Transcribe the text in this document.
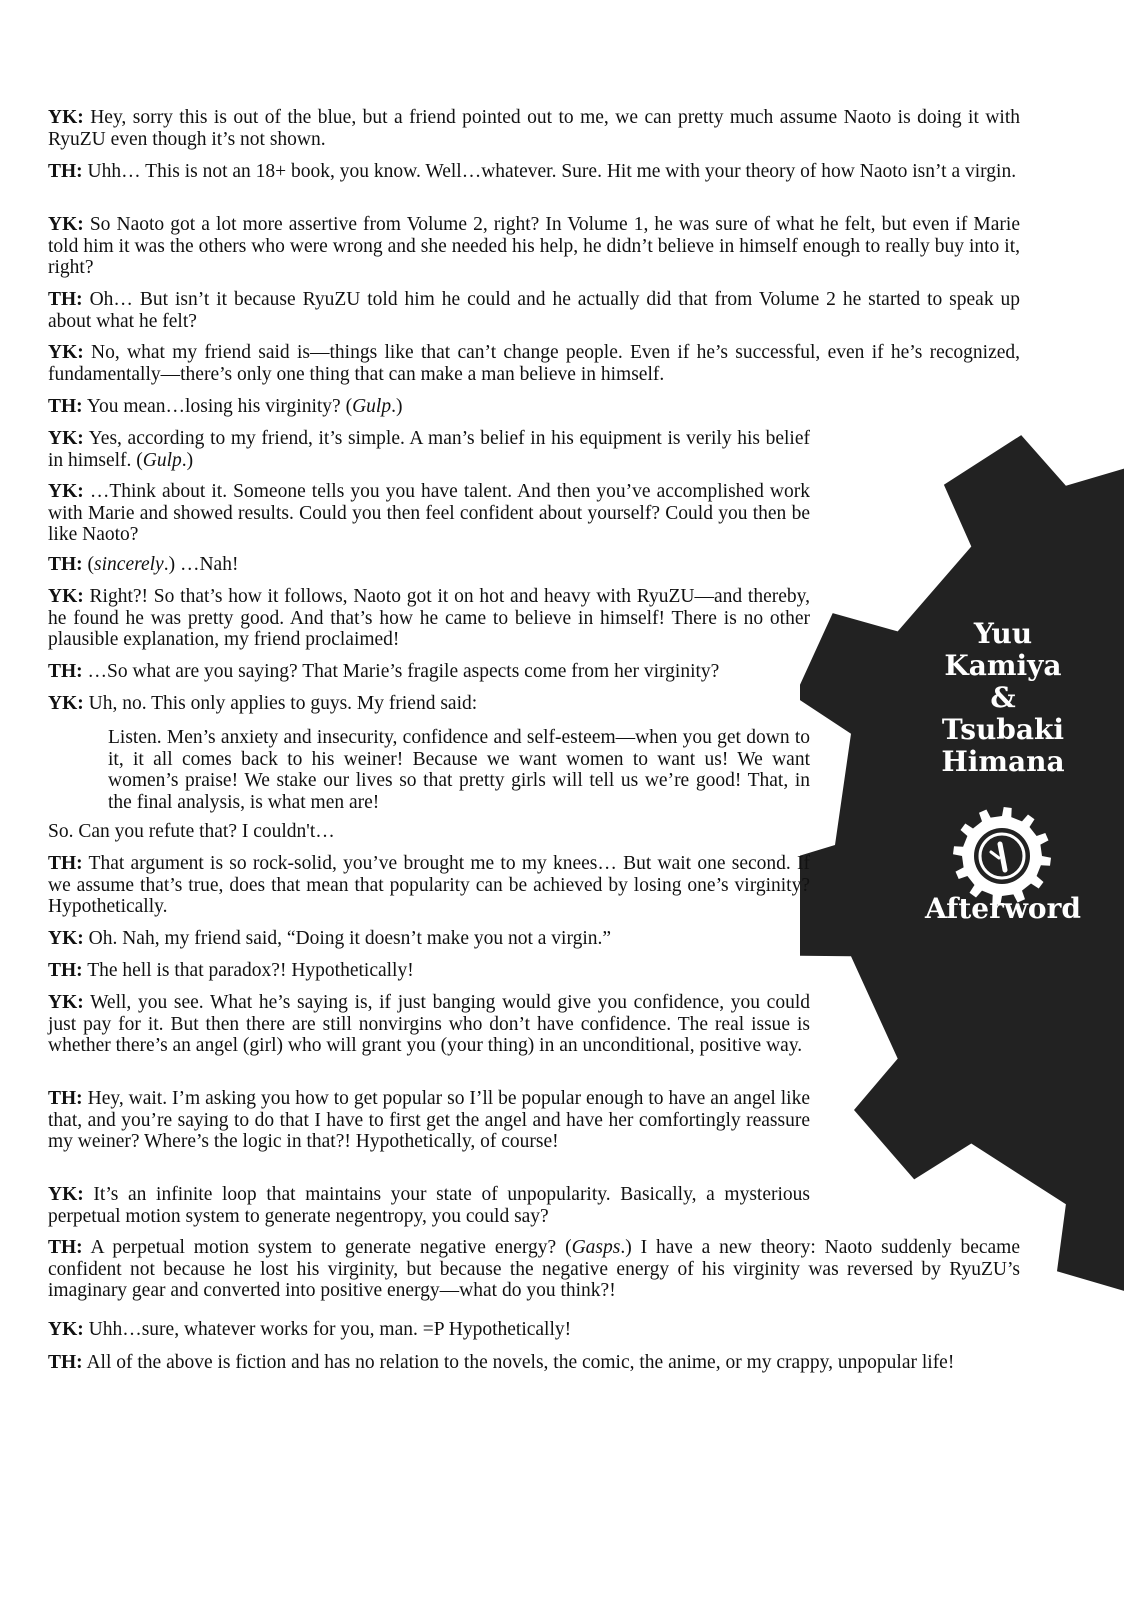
Yuu
Kamiya
&
Tsubaki
Himana
Afterword

YK: Hey, sorry this is out of the blue, but a friend pointed out to me, we can pretty much assume Naoto is doing it with RyuZU even though it’s not shown.

TH: Uhh… This is not an 18+ book, you know. Well…whatever. Sure. Hit me with your theory of how Naoto isn’t a virgin.

YK: So Naoto got a lot more assertive from Volume 2, right? In Volume 1, he was sure of what he felt, but even if Marie told him it was the others who were wrong and she needed his help, he didn’t believe in himself enough to really buy into it, right?

TH: Oh… But isn’t it because RyuZU told him he could and he actually did that from Volume 2 he started to speak up about what he felt?

YK: No, what my friend said is—things like that can’t change people. Even if he’s successful, even if he’s recognized, fundamentally—there’s only one thing that can make a man believe in himself.

TH: You mean…losing his virginity? (Gulp.)

YK: Yes, according to my friend, it’s simple. A man’s belief in his equipment is verily his belief in himself. (Gulp.)

YK: …Think about it. Someone tells you you have talent. And then you’ve accomplished work with Marie and showed results. Could you then feel confident about yourself? Could you then be like Naoto?

TH: (sincerely.) …Nah!

YK: Right?! So that’s how it follows, Naoto got it on hot and heavy with RyuZU—and thereby, he found he was pretty good. And that’s how he came to believe in himself! There is no other plausible explanation, my friend proclaimed!

TH: …So what are you saying? That Marie’s fragile aspects come from her virginity?

YK: Uh, no. This only applies to guys. My friend said:

Listen. Men’s anxiety and insecurity, confidence and self-esteem—when you get down to it, it all comes back to his weiner! Because we want women to want us! We want women’s praise! We stake our lives so that pretty girls will tell us we’re good! That, in the final analysis, is what men are!

So. Can you refute that? I couldn't…

TH: That argument is so rock-solid, you’ve brought me to my knees… But wait one second. If we assume that’s true, does that mean that popularity can be achieved by losing one’s virginity? Hypothetically.

YK: Oh. Nah, my friend said, “Doing it doesn’t make you not a virgin.”

TH: The hell is that paradox?! Hypothetically!

YK: Well, you see. What he’s saying is, if just banging would give you confidence, you could just pay for it. But then there are still nonvirgins who don’t have confidence. The real issue is whether there’s an angel (girl) who will grant you (your thing) in an unconditional, positive way.

TH: Hey, wait. I’m asking you how to get popular so I’ll be popular enough to have an angel like that, and you’re saying to do that I have to first get the angel and have her comfortingly reassure my weiner? Where’s the logic in that?! Hypothetically, of course!

YK: It’s an infinite loop that maintains your state of unpopularity. Basically, a mysterious perpetual motion system to generate negentropy, you could say?

TH: A perpetual motion system to generate negative energy? (Gasps.) I have a new theory: Naoto suddenly became confident not because he lost his virginity, but because the negative energy of his virginity was reversed by RyuZU’s imaginary gear and converted into positive energy—what do you think?!

YK: Uhh…sure, whatever works for you, man. =P Hypothetically!

TH: All of the above is fiction and has no relation to the novels, the comic, the anime, or my crappy, unpopular life!
